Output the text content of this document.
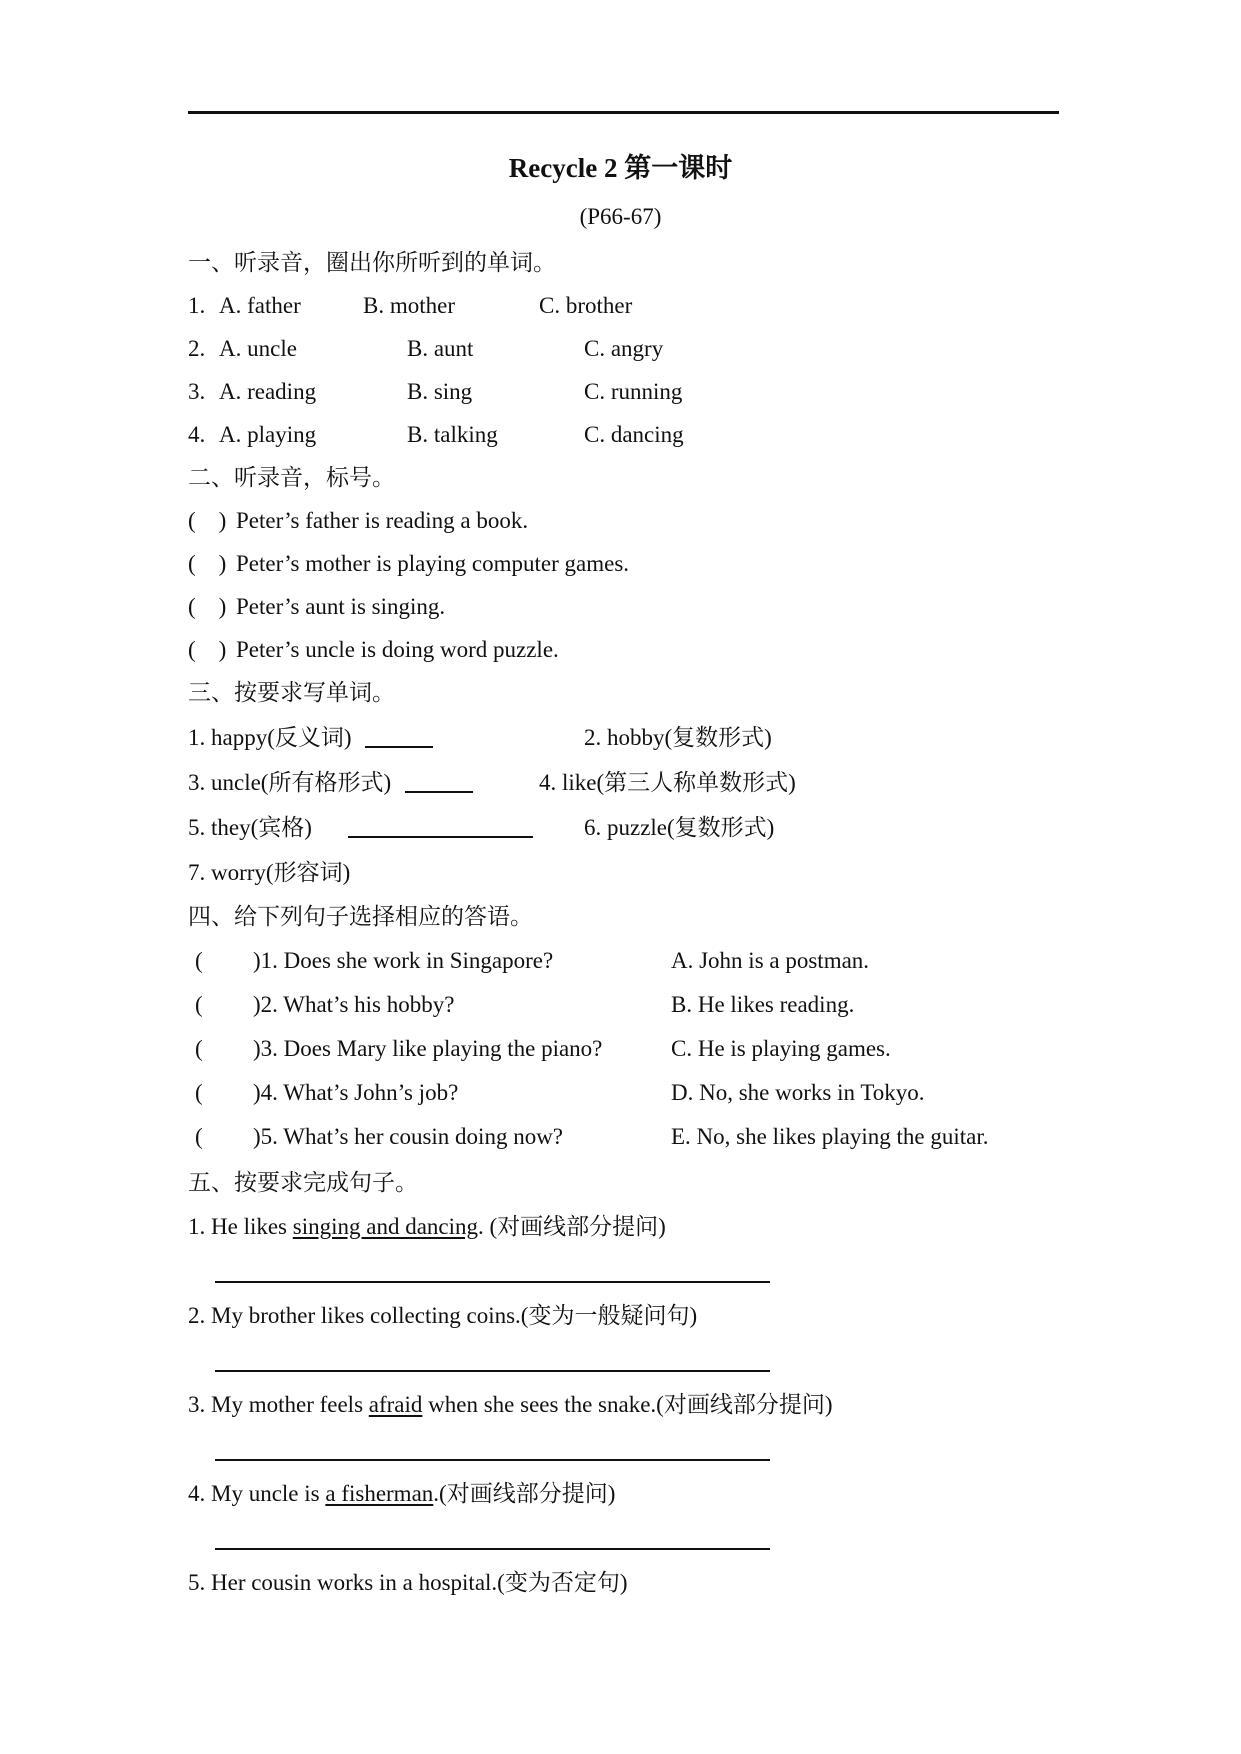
Recycle 2 第一课时
(P66-67)
一、听录音，圈出你所听到的单词。
1. A. father	B. mother	C. brother
2. A. uncle	B. aunt	C. angry
3. A. reading	B. sing	C. running
4. A. playing	B. talking	C. dancing
二、听录音，标号。
(    ) Peter’s father is reading a book.
(    ) Peter’s mother is playing computer games.
(    ) Peter’s aunt is singing.
(    ) Peter’s uncle is doing word puzzle.
三、按要求写单词。
1. happy(反义词)	2. hobby(复数形式)
3. uncle(所有格形式)	4. like(第三人称单数形式)
5. they(宾格)	6. puzzle(复数形式)
7. worry(形容词)
四、给下列句子选择相应的答语。
( )1. Does she work in Singapore?	A. John is a postman.
( )2. What’s his hobby?	B. He likes reading.
( )3. Does Mary like playing the piano?	C. He is playing games.
( )4. What’s John’s job?	D. No, she works in Tokyo.
( )5. What’s her cousin doing now?	E. No, she likes playing the guitar.
五、按要求完成句子。
1. He likes singing and dancing. (对画线部分提问)
2. My brother likes collecting coins.(变为一般疑问句)
3. My mother feels afraid when she sees the snake.(对画线部分提问)
4. My uncle is a fisherman.(对画线部分提问)
5. Her cousin works in a hospital.(变为否定句)
